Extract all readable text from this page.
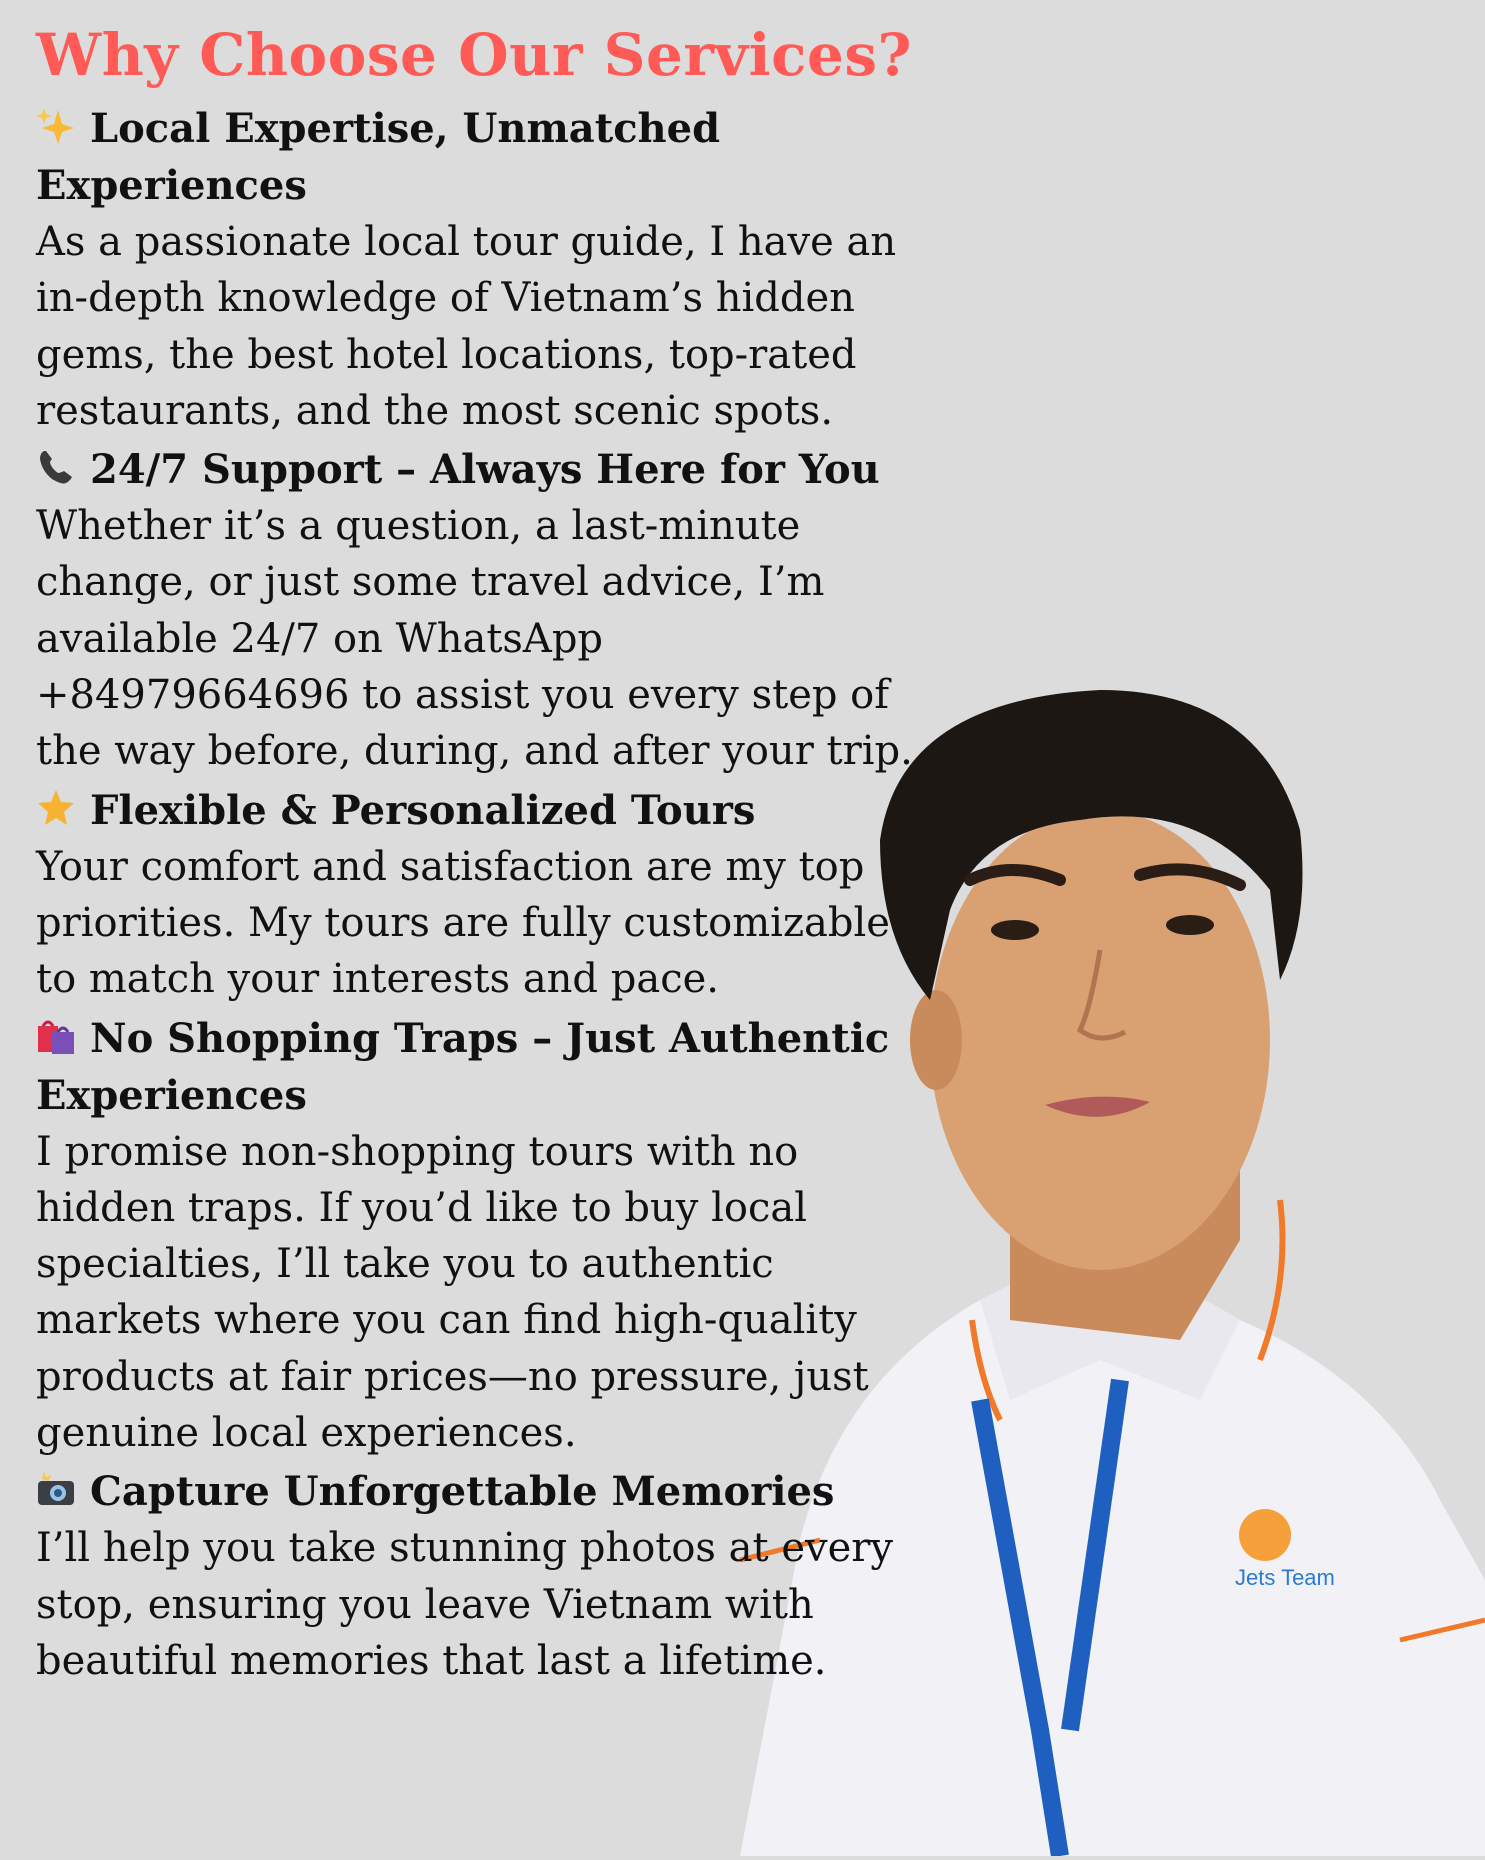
Jets Team
Why Choose Our Services?

Local Expertise, Unmatched Experiences

As a passionate local tour guide, I have an in-depth knowledge of Vietnam’s hidden gems, the best hotel locations, top-rated restaurants, and the most scenic spots.

24/7 Support – Always Here for You

Whether it’s a question, a last-minute change, or just some travel advice, I’m available 24/7 on WhatsApp +84979664696 to assist you every step of the way before, during, and after your trip.

Flexible & Personalized Tours

Your comfort and satisfaction are my top priorities. My tours are fully customizable to match your interests and pace.

No Shopping Traps – Just Authentic Experiences

I promise non-shopping tours with no hidden traps. If you’d like to buy local specialties, I’ll take you to authentic markets where you can find high-quality products at fair prices—no pressure, just genuine local experiences.

Capture Unforgettable Memories

I’ll help you take stunning photos at every stop, ensuring you leave Vietnam with beautiful memories that last a lifetime.
